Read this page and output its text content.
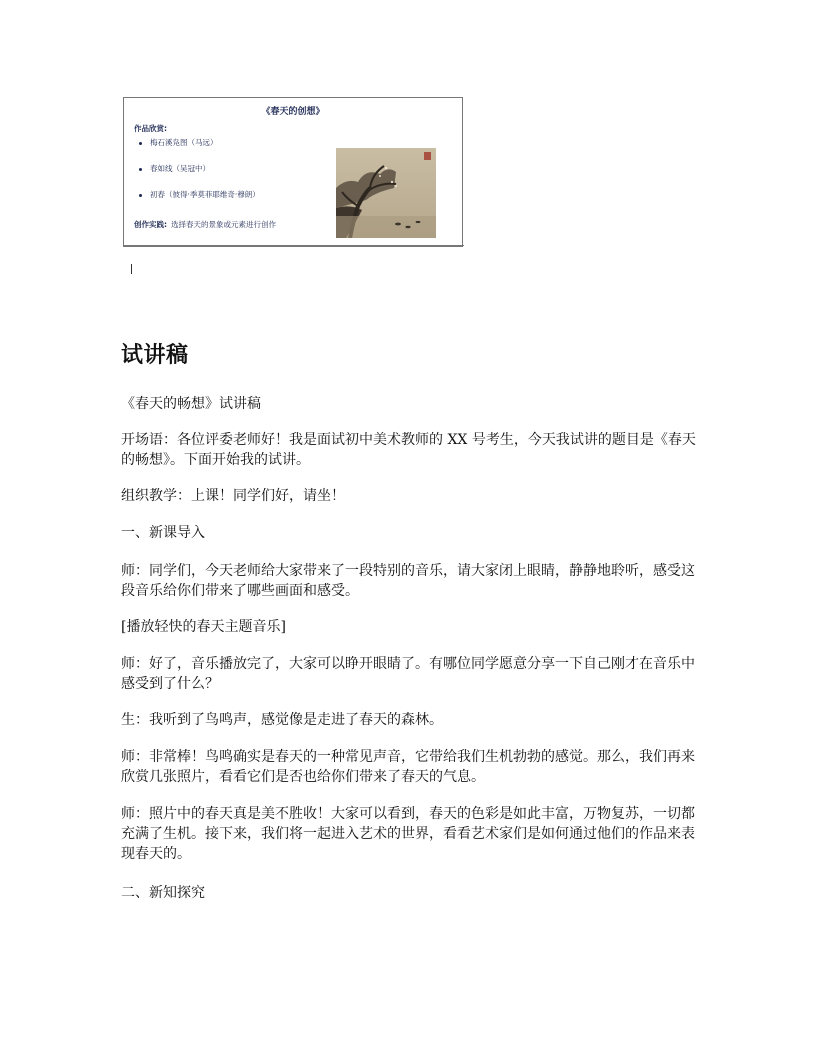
《春天的创想》
作品欣赏:
梅石溪凫图（马远）
春如线（吴冠中）
初春（彼得·季莫菲耶维奇·穆朗）
创作实践: 选择春天的景象或元素进行创作
试讲稿

《春天的畅想》试讲稿

开场语：各位评委老师好！我是面试初中美术教师的 XX 号考生，今天我试讲的题目是《春天的畅想》。下面开始我的试讲。

组织教学：上课！同学们好，请坐！

一、新课导入

师：同学们，今天老师给大家带来了一段特别的音乐，请大家闭上眼睛，静静地聆听，感受这段音乐给你们带来了哪些画面和感受。

[播放轻快的春天主题音乐]

师：好了，音乐播放完了，大家可以睁开眼睛了。有哪位同学愿意分享一下自己刚才在音乐中感受到了什么？

生：我听到了鸟鸣声，感觉像是走进了春天的森林。

师：非常棒！鸟鸣确实是春天的一种常见声音，它带给我们生机勃勃的感觉。那么，我们再来欣赏几张照片，看看它们是否也给你们带来了春天的气息。

师：照片中的春天真是美不胜收！大家可以看到，春天的色彩是如此丰富，万物复苏，一切都充满了生机。接下来，我们将一起进入艺术的世界，看看艺术家们是如何通过他们的作品来表现春天的。

二、新知探究
